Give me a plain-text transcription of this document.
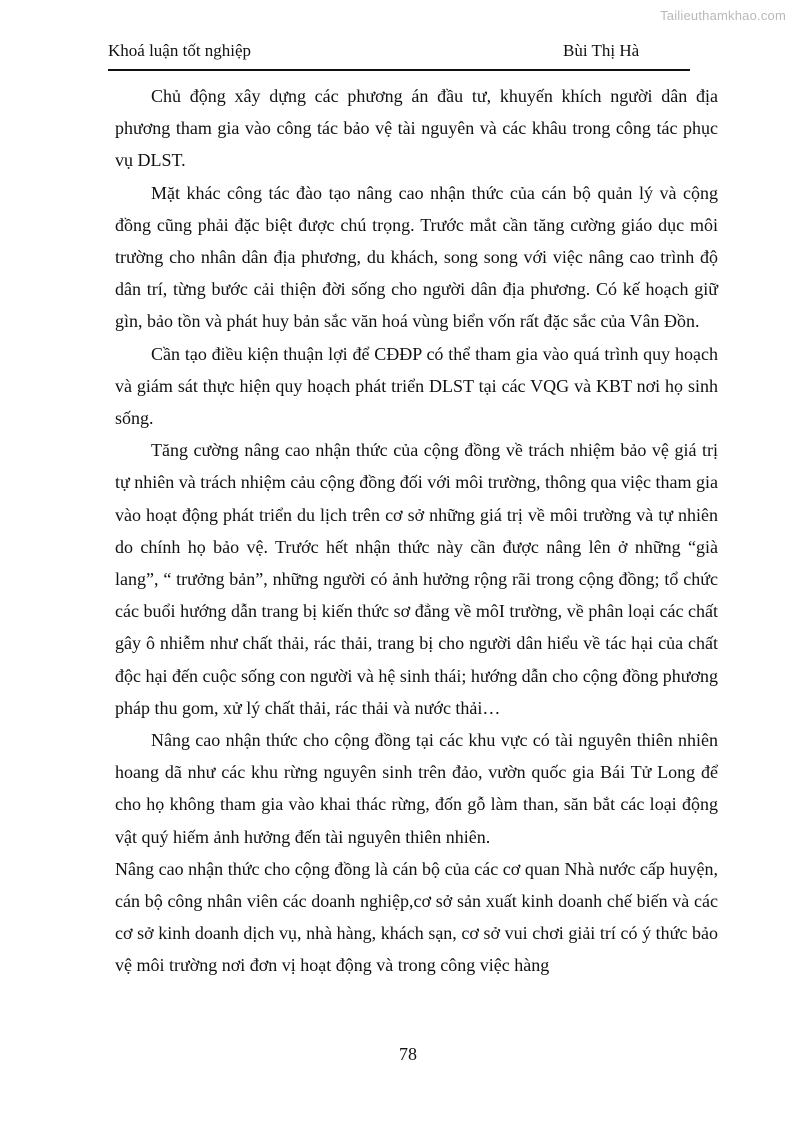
Tailieuthamkhao.com
Khoá luận tốt nghiệp	Bùi Thị Hà

Chủ động xây dựng các phương án đầu tư, khuyến khích người dân địa phương tham gia vào công tác bảo vệ tài nguyên và các khâu trong công tác phục vụ DLST.

Mặt khác công tác đào tạo nâng cao nhận thức của cán bộ quản lý và cộng đồng cũng phải đặc biệt được chú trọng. Trước mắt cần tăng cường giáo dục môi trường cho nhân dân địa phương, du khách, song song với việc nâng cao trình độ dân trí, từng bước cải thiện đời sống cho người dân địa phương. Có kế hoạch giữ gìn, bảo tồn và phát huy bản sắc văn hoá vùng biển vốn rất đặc sắc của Vân Đồn.

Cần tạo điều kiện thuận lợi để CĐĐP có thể tham gia vào quá trình quy hoạch và giám sát thực hiện quy hoạch phát triển DLST tại các VQG và KBT nơi họ sinh sống.

Tăng cường nâng cao nhận thức của cộng đồng về trách nhiệm bảo vệ giá trị tự nhiên và trách nhiệm cảu cộng đồng đối với môi trường, thông qua việc tham gia vào hoạt động phát triển du lịch trên cơ sở những giá trị về môi trường và tự nhiên do chính họ bảo vệ. Trước hết nhận thức này cần được nâng lên ở những “già lang”, “ trưởng bản”, những người có ảnh hưởng rộng rãi trong cộng đồng; tổ chức các buổi hướng dẫn trang bị kiến thức sơ đẳng về môI trường, về phân loại các chất gây ô nhiễm như chất thải, rác thải, trang bị cho người dân hiểu về tác hại của chất độc hại đến cuộc sống con người và hệ sinh thái; hướng dẫn cho cộng đồng phương pháp thu gom, xử lý chất thải, rác thải và nước thải…

Nâng cao nhận thức cho cộng đồng tại các khu vực có tài nguyên thiên nhiên hoang dã như các khu rừng nguyên sinh trên đảo, vườn quốc gia Bái Tử Long để cho họ không tham gia vào khai thác rừng, đốn gỗ làm than, săn bắt các loại động vật quý hiếm ảnh hưởng đến tài nguyên thiên nhiên.

Nâng cao nhận thức cho cộng đồng là cán bộ của các cơ quan Nhà nước cấp huyện, cán bộ công nhân viên các doanh nghiệp,cơ sở sản xuất kinh doanh chế biến và các cơ sở kinh doanh dịch vụ, nhà hàng, khách sạn, cơ sở vui chơi giải trí có ý thức bảo vệ môi trường nơi đơn vị hoạt động và trong công việc hàng

78
